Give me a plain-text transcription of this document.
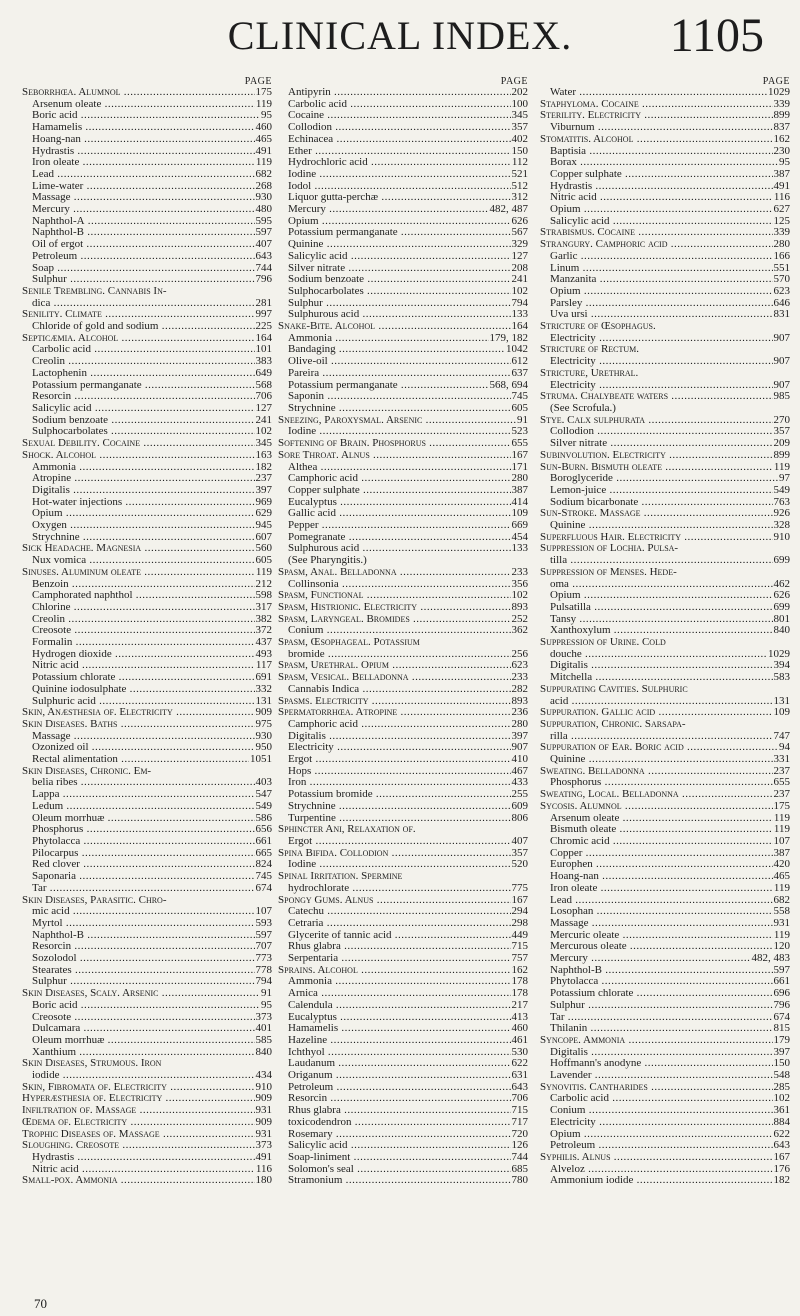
CLINICAL INDEX.	1105
PAGE
Seborrhœa. Alumnol .....	175
Arsenum oleate .....	119
Boric acid .....	95
Hamamelis .....	460
Hoang-nan .....	465
Hydrastis .....	491
Iron oleate .....	119
Lead .....	682
Lime-water .....	268
Massage .....	930
Mercury .....	480
Naphthol-A .....	595
Naphthol-B .....	597
Oil of ergot .....	407
Petroleum .....	643
Soap .....	744
Sulphur .....	796
Senile Trembling. Cannabis In-
dica .....	281
Senility. Climate .....	997
Chloride of gold and sodium .....	225
Septicæmia. Alcohol .....	164
Carbolic acid .....	101
Creolin .....	383
Lactophenin .....	649
Potassium permanganate .....	568
Resorcin .....	706
Salicylic acid .....	127
Sodium benzoate .....	241
Sulphocarbolates .....	102
Sexual Debility. Cocaine .....	345
Shock. Alcohol .....	163
Ammonia .....	182
Atropine .....	237
Digitalis .....	397
Hot-water injections .....	969
Opium .....	629
Oxygen .....	945
Strychnine .....	607
Sick Headache. Magnesia .....	560
Nux vomica .....	605
Sinuses. Aluminum oleate .....	119
Benzoin .....	212
Camphorated naphthol .....	598
Chlorine .....	317
Creolin .....	382
Creosote .....	372
Formalin .....	437
Hydrogen dioxide .....	493
Nitric acid .....	117
Potassium chlorate .....	691
Quinine iodosulphate .....	332
Sulphuric acid .....	131
Skin, Anæsthesia of. Electricity .....	909
Skin Diseases. Baths .....	975
Massage .....	930
Ozonized oil .....	950
Rectal alimentation .....	1051
Skin Diseases, Chronic. Em-
belia ribes .....	403
Lappa .....	547
Ledum .....	549
Oleum morrhuæ .....	586
Phosphorus .....	656
Phytolacca .....	661
Pilocarpus .....	665
Red clover .....	824
Saponaria .....	745
Tar .....	674
Skin Diseases, Parasitic. Chro-
mic acid .....	107
Myrtol .....	593
Naphthol-B .....	597
Resorcin .....	707
Sozolodol .....	773
Stearates .....	778
Sulphur .....	794
Skin Diseases, Scaly. Arsenic .....	91
Boric acid .....	95
Creosote .....	373
Dulcamara .....	401
Oleum morrhuæ .....	585
Xanthium .....	840
Skin Diseases, Strumous. Iron
iodide .....	434
Skin, Fibromata of. Electricity .....	910
Hyperæsthesia of. Electricity .....	909
Infiltration of. Massage .....	931
Œdema of. Electricity .....	909
Trophic Diseases of. Massage .....	931
Sloughing. Creosote .....	373
Hydrastis .....	491
Nitric acid .....	116
Small-pox. Ammonia .....	180
PAGE
Antipyrin .....	202
Carbolic acid .....	100
Cocaine .....	345
Collodion .....	357
Echinacea .....	402
Ether .....	150
Hydrochloric acid .....	112
Iodine .....	521
Iodol .....	512
Liquor gutta-perchæ .....	312
Mercury .....	482, 487
Opium .....	626
Potassium permanganate .....	567
Quinine .....	329
Salicylic acid .....	127
Silver nitrate .....	208
Sodium benzoate .....	241
Sulphocarbolates .....	102
Sulphur .....	794
Sulphurous acid .....	133
Snake-Bite. Alcohol .....	164
Ammonia .....	179, 182
Bandaging .....	1042
Olive-oil .....	612
Pareira .....	637
Potassium permanganate .....	568, 694
Saponin .....	745
Strychnine .....	605
Sneezing, Paroxysmal. Arsenic .....	91
Iodine .....	523
Softening of Brain. Phosphorus .....	655
Sore Throat. Alnus .....	167
Althea .....	171
Camphoric acid .....	280
Copper sulphate .....	387
Eucalyptus .....	414
Gallic acid .....	109
Pepper .....	669
Pomegranate .....	454
Sulphurous acid .....	133
(See Pharyngitis.)
Spasm, Anal. Belladonna .....	233
Collinsonia .....	356
Spasm, Functional .....	102
Spasm, Histrionic. Electricity .....	893
Spasm, Laryngeal. Bromides .....	252
Conium .....	362
Spasm, Œsophageal. Potassium
bromide .....	256
Spasm, Urethral. Opium .....	623
Spasm, Vesical. Belladonna .....	233
Cannabis Indica .....	282
Spasms. Electricity .....	893
Spermatorrhœa. Atropine .....	236
Camphoric acid .....	280
Digitalis .....	397
Electricity .....	907
Ergot .....	410
Hops .....	467
Iron .....	433
Potassium bromide .....	255
Strychnine .....	609
Turpentine .....	806
Sphincter Ani, Relaxation of.
Ergot .....	407
Spina Bifida. Collodion .....	357
Iodine .....	520
Spinal Irritation. Spermine
hydrochlorate .....	775
Spongy Gums. Alnus .....	167
Catechu .....	294
Cetraria .....	298
Glycerite of tannic acid .....	449
Rhus glabra .....	715
Serpentaria .....	757
Sprains. Alcohol .....	162
Ammonia .....	178
Arnica .....	178
Calendula .....	217
Eucalyptus .....	413
Hamamelis .....	460
Hazeline .....	461
Ichthyol .....	530
Laudanum .....	622
Origanum .....	631
Petroleum .....	643
Resorcin .....	706
Rhus glabra .....	715
toxicodendron .....	717
Rosemary .....	720
Salicylic acid .....	126
Soap-liniment .....	744
Solomon's seal .....	685
Stramonium .....	780
PAGE
Water .....	1029
Staphyloma. Cocaine .....	339
Sterility. Electricity .....	899
Viburnum .....	837
Stomatitis. Alcohol .....	162
Baptisia .....	230
Borax .....	95
Copper sulphate .....	387
Hydrastis .....	491
Nitric acid .....	116
Opium .....	627
Salicylic acid .....	125
Strabismus. Cocaine .....	339
Strangury. Camphoric acid .....	280
Garlic .....	166
Linum .....	551
Manzanita .....	570
Opium .....	623
Parsley .....	646
Uva ursi .....	831
Stricture of Œsophagus.
Electricity .....	907
Stricture of Rectum.
Electricity .....	907
Stricture, Urethral.
Electricity .....	907
Struma. Chalybeate waters .....	985
(See Scrofula.)
Stye. Calx sulphurata .....	270
Collodion .....	357
Silver nitrate .....	209
Subinvolution. Electricity .....	899
Sun-Burn. Bismuth oleate .....	119
Boroglyceride .....	97
Lemon-juice .....	549
Sodium bicarbonate .....	763
Sun-Stroke. Massage .....	926
Quinine .....	328
Superfluous Hair. Electricity .....	910
Suppression of Lochia. Pulsa-
tilla .....	699
Suppression of Menses. Hede-
oma .....	462
Opium .....	626
Pulsatilla .....	699
Tansy .....	801
Xanthoxylum .....	840
Suppression of Urine. Cold
douche .....	1029
Digitalis .....	394
Mitchella .....	583
Suppurating Cavities. Sulphuric
acid .....	131
Suppuration. Gallic acid .....	109
Suppuration, Chronic. Sarsapa-
rilla .....	747
Suppuration of Ear. Boric acid .....	94
Quinine .....	331
Sweating. Belladonna .....	237
Phosphorus .....	655
Sweating, Local. Belladonna .....	237
Sycosis. Alumnol .....	175
Arsenum oleate .....	119
Bismuth oleate .....	119
Chromic acid .....	107
Copper .....	387
Europhen .....	420
Hoang-nan .....	465
Iron oleate .....	119
Lead .....	682
Losophan .....	558
Massage .....	931
Mercuric oleate .....	119
Mercurous oleate .....	120
Mercury .....	482, 483
Naphthol-B .....	597
Phytolacca .....	661
Potassium chlorate .....	696
Sulphur .....	796
Tar .....	674
Thilanin .....	815
Syncope. Ammonia .....	179
Digitalis .....	397
Hoffmann's anodyne .....	150
Lavender .....	548
Synovitis. Cantharides .....	285
Carbolic acid .....	102
Conium .....	361
Electricity .....	884
Opium .....	622
Petroleum .....	643
Syphilis. Alnus .....	167
Alveloz .....	176
Ammonium iodide .....	182
70
